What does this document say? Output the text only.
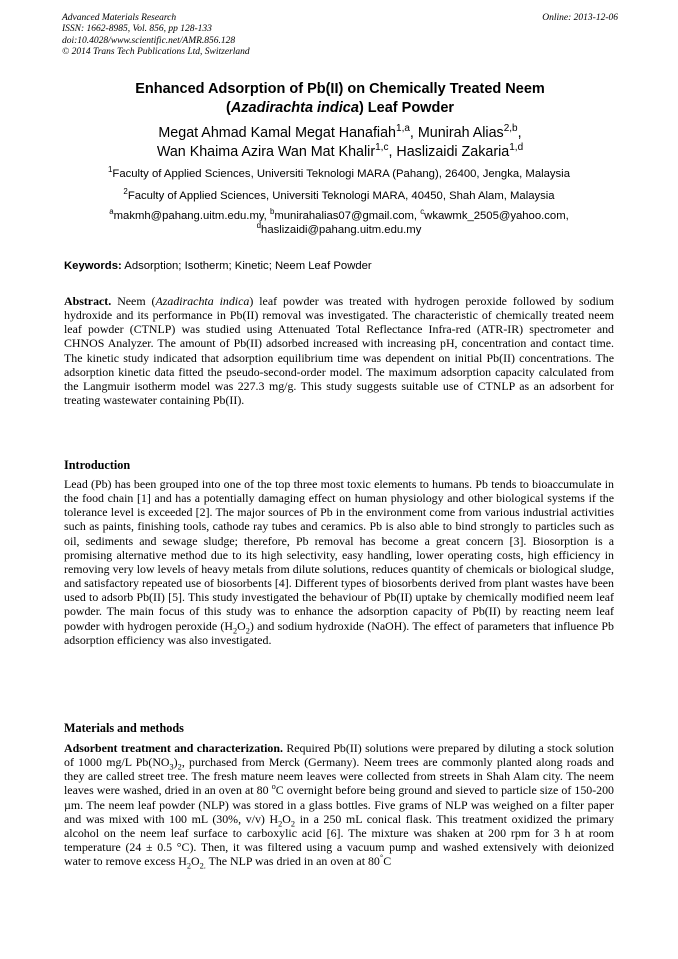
Advanced Materials Research
ISSN: 1662-8985, Vol. 856, pp 128-133
doi:10.4028/www.scientific.net/AMR.856.128
© 2014 Trans Tech Publications Ltd, Switzerland
Online: 2013-12-06
Enhanced Adsorption of Pb(II) on Chemically Treated Neem
(Azadirachta indica) Leaf Powder
Megat Ahmad Kamal Megat Hanafiah$^{1,a}$, Munirah Alias$^{2,b}$,
Wan Khaima Azira Wan Mat Khalir$^{1,c}$, Haslizaidi Zakaria$^{1,d}$
$^1$Faculty of Applied Sciences, Universiti Teknologi MARA (Pahang), 26400, Jengka, Malaysia
$^2$Faculty of Applied Sciences, Universiti Teknologi MARA, 40450, Shah Alam, Malaysia
$^a$makmh@pahang.uitm.edu.my, $^b$munirahalias07@gmail.com, $^c$wkawmk_2505@yahoo.com,
$^d$haslizaidi@pahang.uitm.edu.my
Keywords: Adsorption; Isotherm; Kinetic; Neem Leaf Powder
Abstract. Neem (Azadirachta indica) leaf powder was treated with hydrogen peroxide followed by sodium hydroxide and its performance in Pb(II) removal was investigated. The characteristic of chemically treated neem leaf powder (CTNLP) was studied using Attenuated Total Reflectance Infra-red (ATR-IR) spectrometer and CHNOS Analyzer. The amount of Pb(II) adsorbed increased with increasing pH, concentration and contact time. The kinetic study indicated that adsorption equilibrium time was dependent on initial Pb(II) concentrations. The adsorption kinetic data fitted the pseudo-second-order model. The maximum adsorption capacity calculated from the Langmuir isotherm model was 227.3 mg/g. This study suggests suitable use of CTNLP as an adsorbent for treating wastewater containing Pb(II).
Introduction
Lead (Pb) has been grouped into one of the top three most toxic elements to humans. Pb tends to bioaccumulate in the food chain [1] and has a potentially damaging effect on human physiology and other biological systems if the tolerance level is exceeded [2]. The major sources of Pb in the environment come from various industrial activities such as paints, finishing tools, cathode ray tubes and ceramics. Pb is also able to bind strongly to particles such as oil, sediments and sewage sludge; therefore, Pb removal has become a great concern [3]. Biosorption is a promising alternative method due to its high selectivity, easy handling, lower operating costs, high efficiency in removing very low levels of heavy metals from dilute solutions, reduces quantity of chemicals or biological sludge, and satisfactory repeated use of biosorbents [4]. Different types of biosorbents derived from plant wastes have been used to adsorb Pb(II) [5]. This study investigated the behaviour of Pb(II) uptake by chemically modified neem leaf powder. The main focus of this study was to enhance the adsorption capacity of Pb(II) by reacting neem leaf powder with hydrogen peroxide $(H_2O_2)$ and sodium hydroxide (NaOH). The effect of parameters that influence Pb adsorption efficiency was also investigated.
Materials and methods
Adsorbent treatment and characterization. Required Pb(II) solutions were prepared by diluting a stock solution of 1000 mg/L $Pb(NO_3)_2$, purchased from Merck (Germany). Neem trees are commonly planted along roads and they are called street tree. The fresh mature neem leaves were collected from streets in Shah Alam city. The neem leaves were washed, dried in an oven at 80 $^o$C overnight before being ground and sieved to particle size of 150-200 µm. The neem leaf powder (NLP) was stored in a glass bottles. Five grams of NLP was weighed on a filter paper and was mixed with 100 mL (30%, v/v) $H_2O_2$ in a 250 mL conical flask. This treatment oxidized the primary alcohol on the neem leaf surface to carboxylic acid [6]. The mixture was shaken at 200 rpm for 3 h at room temperature (24 ± 0.5 °C). Then, it was filtered using a vacuum pump and washed extensively with deionized water to remove excess $H_2O_{2.}$ The NLP was dried in an oven at 80°C
